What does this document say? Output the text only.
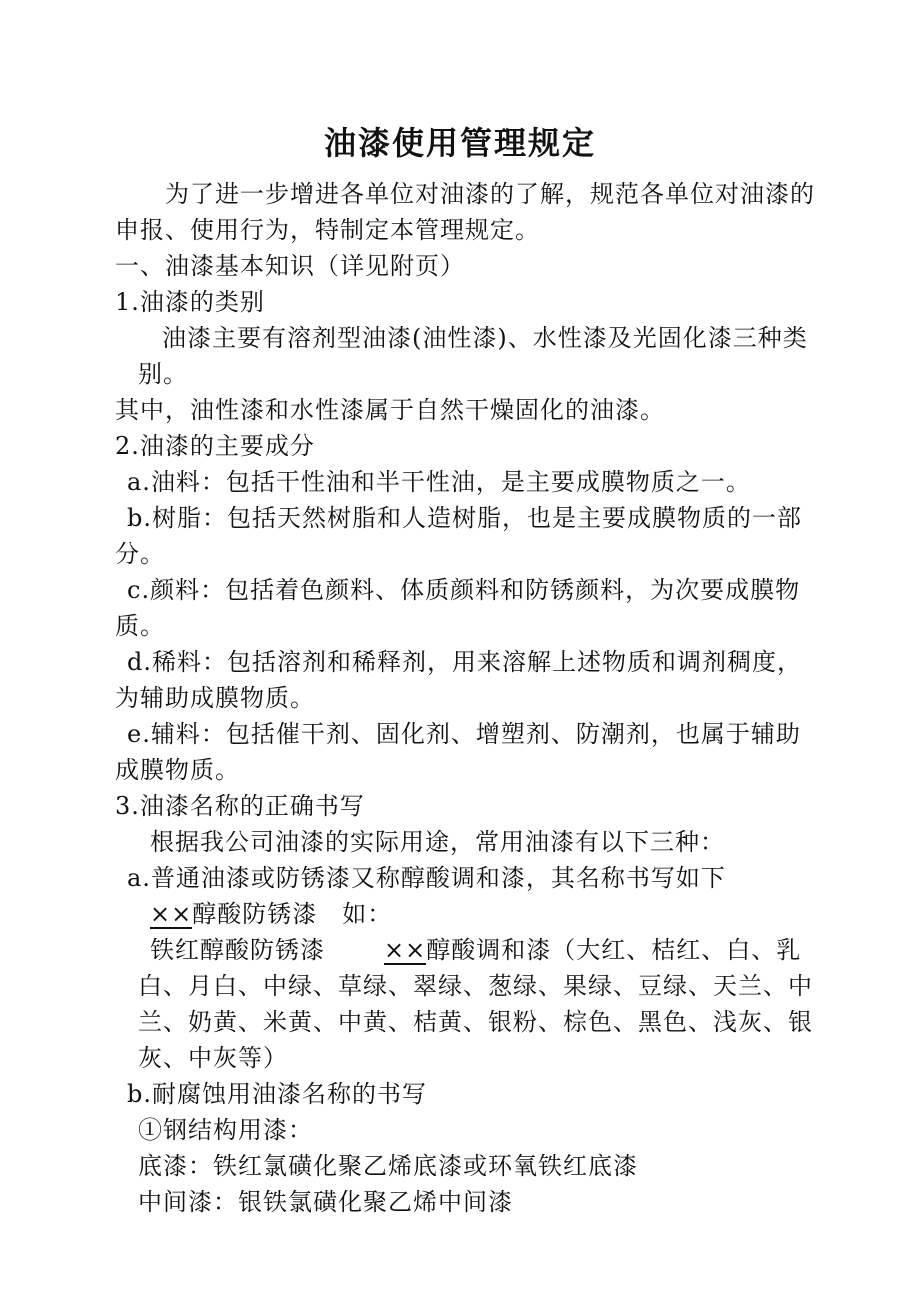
油漆使用管理规定
为了进一步增进各单位对油漆的了解，规范各单位对油漆的
申报、使用行为，特制定本管理规定。
一、油漆基本知识（详见附页）
1.油漆的类别
油漆主要有溶剂型油漆(油性漆)、水性漆及光固化漆三种类
别。
其中，油性漆和水性漆属于自然干燥固化的油漆。
2.油漆的主要成分
a.油料：包括干性油和半干性油，是主要成膜物质之一。
b.树脂：包括天然树脂和人造树脂，也是主要成膜物质的一部
分。
c.颜料：包括着色颜料、体质颜料和防锈颜料，为次要成膜物
质。
d.稀料：包括溶剂和稀释剂，用来溶解上述物质和调剂稠度，
为辅助成膜物质。
e.辅料：包括催干剂、固化剂、增塑剂、防潮剂，也属于辅助
成膜物质。
3.油漆名称的正确书写
根据我公司油漆的实际用途，常用油漆有以下三种：
a.普通油漆或防锈漆又称醇酸调和漆，其名称书写如下
××醇酸防锈漆　如：
铁红醇酸防锈漆 ××醇酸调和漆（大红、桔红、白、乳
白、月白、中绿、草绿、翠绿、葱绿、果绿、豆绿、天兰、中
兰、奶黄、米黄、中黄、桔黄、银粉、棕色、黑色、浅灰、银
灰、中灰等）
b.耐腐蚀用油漆名称的书写
①钢结构用漆：
底漆：铁红氯磺化聚乙烯底漆或环氧铁红底漆
中间漆：银铁氯磺化聚乙烯中间漆
